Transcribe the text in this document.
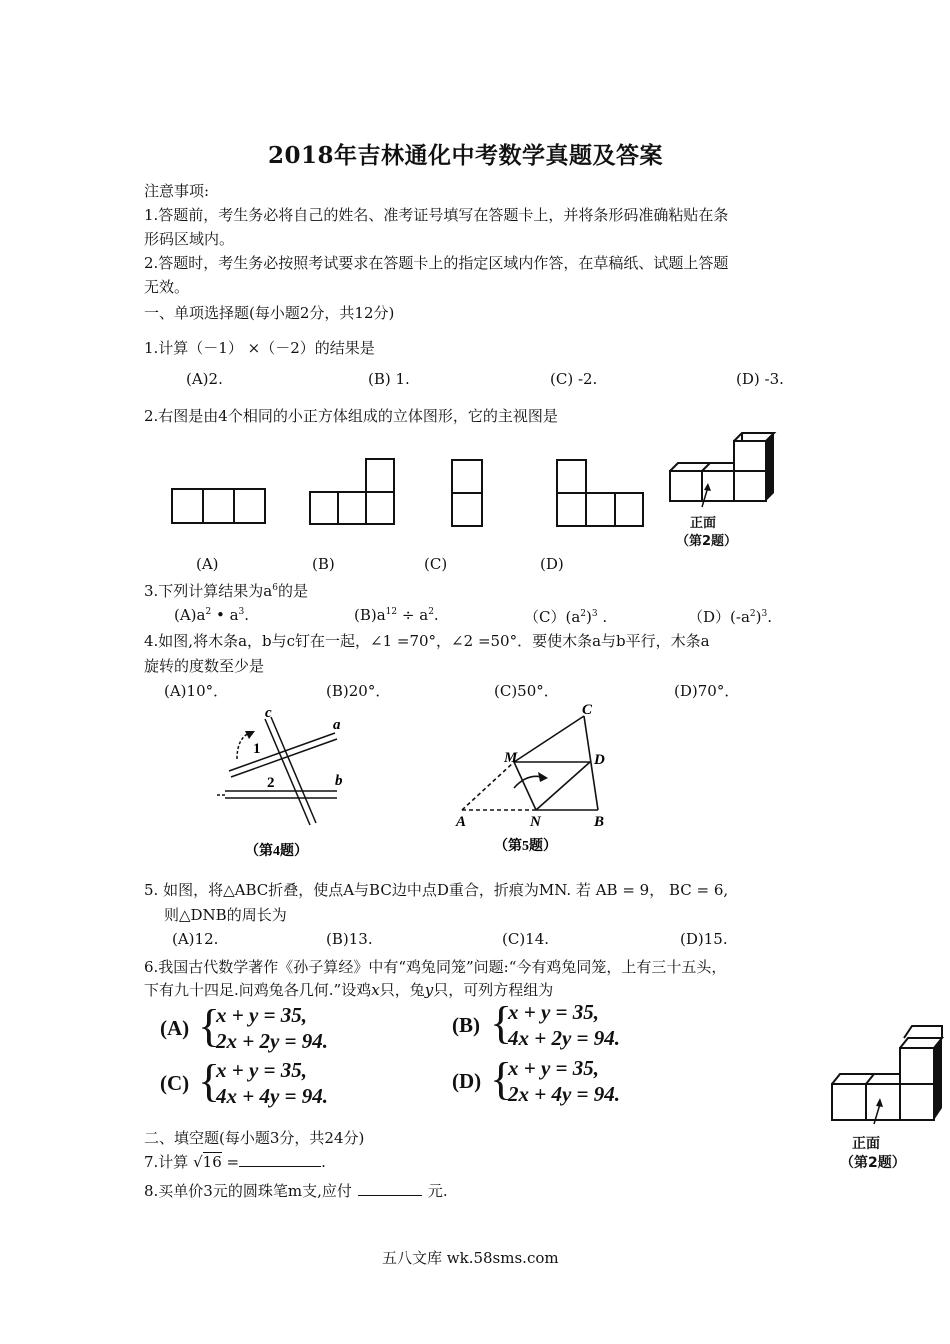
2018年吉林通化中考数学真题及答案
注意事项:
1.答题前，考生务必将自己的姓名、准考证号填写在答题卡上，并将条形码准确粘贴在条
形码区域内。
2.答题时，考生务必按照考试要求在答题卡上的指定区域内作答，在草稿纸、试题上答题
无效。
一、单项选择题(每小题2分，共12分)
1.计算（－1） ×（－2）的结果是
(A)2.	(B) 1.	(C) -2.	(D) -3.
2.右图是由4个相同的小正方体组成的立体图形，它的主视图是
正面
（第2题）
(A)	(B)	(C)	(D)
3.下列计算结果为$a^6$的是
$(A)a^2$ • $a^3$.	$(B)a^{12} \div a^2$.	$(C)(a^2)^3$ .	$(D)(-a^2)^3$.
4.如图,将木条a，b与c钉在一起，∠1 =70°，∠2 =50°．要使木条a与b平行，木条a
旋转的度数至少是
(A)10°．	(B)20°．	(C)50°．	(D)70°．
c
a
b
1
2
（第4题）
C
M	D
A	N	B
（第5题）
5. 如图，将△ABC折叠，使点A与BC边中点D重合，折痕为MN. 若 AB = 9， BC = 6,
则△DNB的周长为
(A)12.	(B)13.	(C)14.	(D)15.
6.我国古代数学著作《孙子算经》中有“鸡兔同笼”问题:“今有鸡兔同笼，上有三十五头，
下有九十四足.问鸡兔各几何.”设鸡x只，兔y只，可列方程组为
(A) {
x + y = 35,
2x + 2y = 94.
(B) {
x + y = 35,
4x + 2y = 94.
(C) {
x + y = 35,
4x + 4y = 94.
(D) {
x + y = 35,
2x + 4y = 94.
正面
（第2题）
二、填空题(每小题3分，共24分)
7.计算 √16 =	.
8.买单价3元的圆珠笔m支,应付	元.
五八文库 wk.58sms.com
